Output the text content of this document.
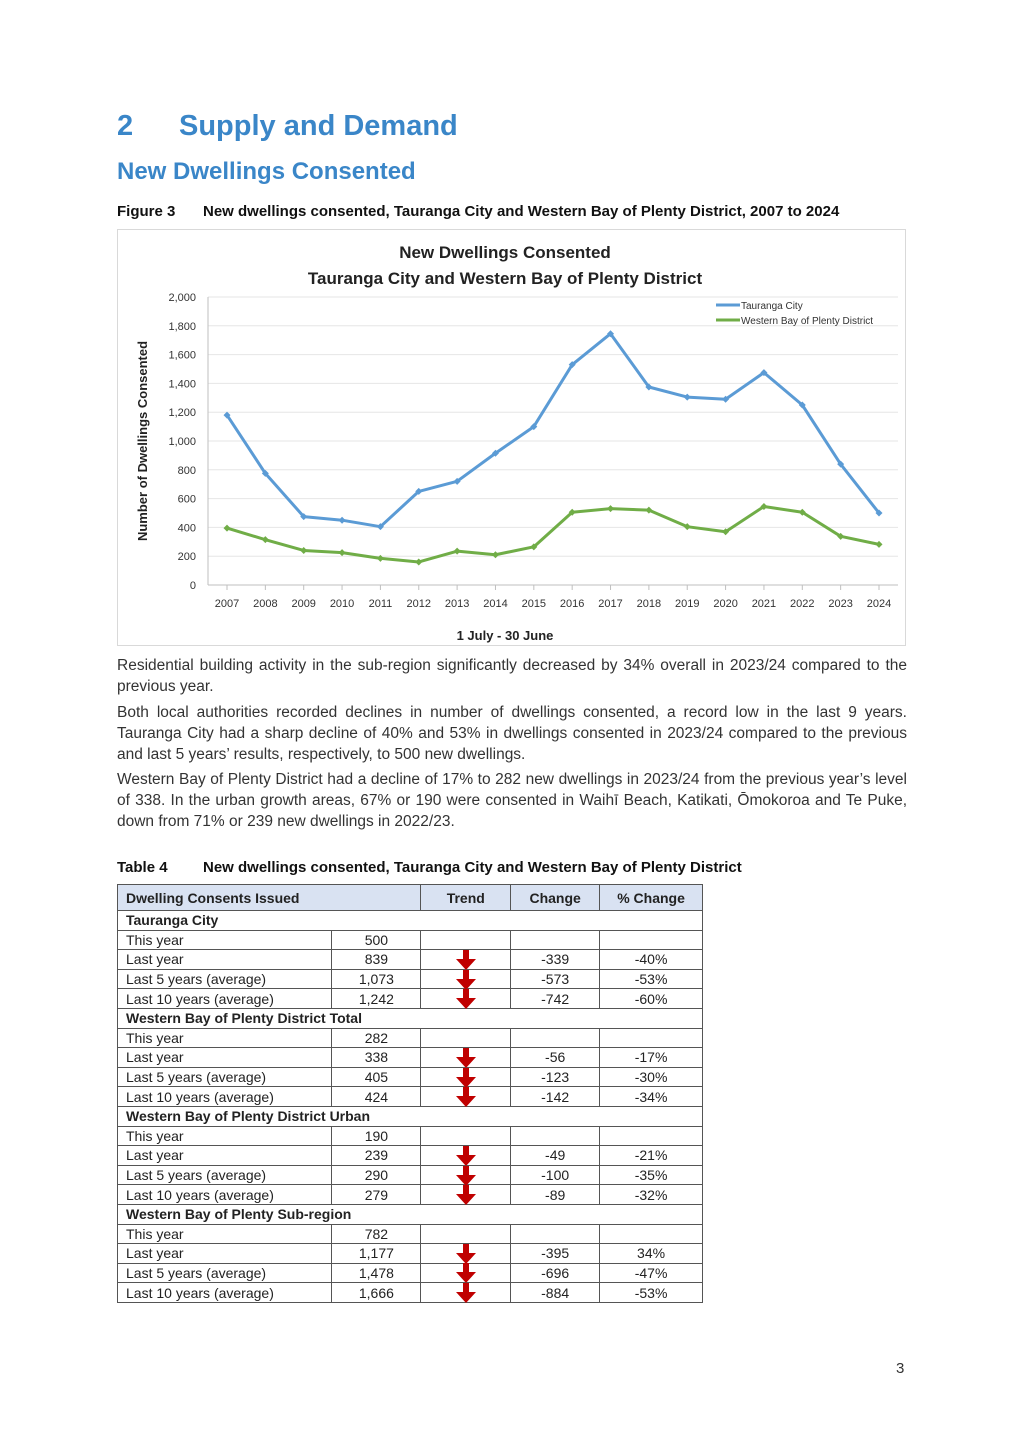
2 Supply and Demand
New Dwellings Consented
Figure 3 New dwellings consented, Tauranga City and Western Bay of Plenty District, 2007 to 2024
New Dwellings Consented
Tauranga City and Western Bay of Plenty District
0
200
400
600
800
1,000
1,200
1,400
1,600
1,800
2,000
2007 2008 2009 2010 2011 2012 2013 2014 2015 2016 2017 2018 2019 2020 2021 2022 2023 2024
1 July - 30 June
Number of Dwellings Consented
Tauranga City
Western Bay of Plenty District

Residential building activity in the sub-region significantly decreased by 34% overall in 2023/24 compared to the previous year.

Both local authorities recorded declines in number of dwellings consented, a record low in the last 9 years. Tauranga City had a sharp decline of 40% and 53% in dwellings consented in 2023/24 compared to the previous and last 5 years’ results, respectively, to 500 new dwellings.

Western Bay of Plenty District had a decline of 17% to 282 new dwellings in 2023/24 from the previous year’s level of 338. In the urban growth areas, 67% or 190 were consented in Waihī Beach, Katikati, Ōmokoroa and Te Puke, down from 71% or 239 new dwellings in 2022/23.

Table 4 New dwellings consented, Tauranga City and Western Bay of Plenty District
Dwelling Consents Issued		Trend	Change	% Change
Tauranga City				
This year	500			
Last year	839		-339	-40%
Last 5 years (average)	1,073		-573	-53%
Last 10 years (average)	1,242		-742	-60%
Western Bay of Plenty District Total				
This year	282			
Last year	338		-56	-17%
Last 5 years (average)	405		-123	-30%
Last 10 years (average)	424		-142	-34%
Western Bay of Plenty District Urban				
This year	190			
Last year	239		-49	-21%
Last 5 years (average)	290		-100	-35%
Last 10 years (average)	279		-89	-32%
Western Bay of Plenty Sub-region				
This year	782			
Last year	1,177		-395	34%
Last 5 years (average)	1,478		-696	-47%
Last 10 years (average)	1,666		-884	-53%
3
